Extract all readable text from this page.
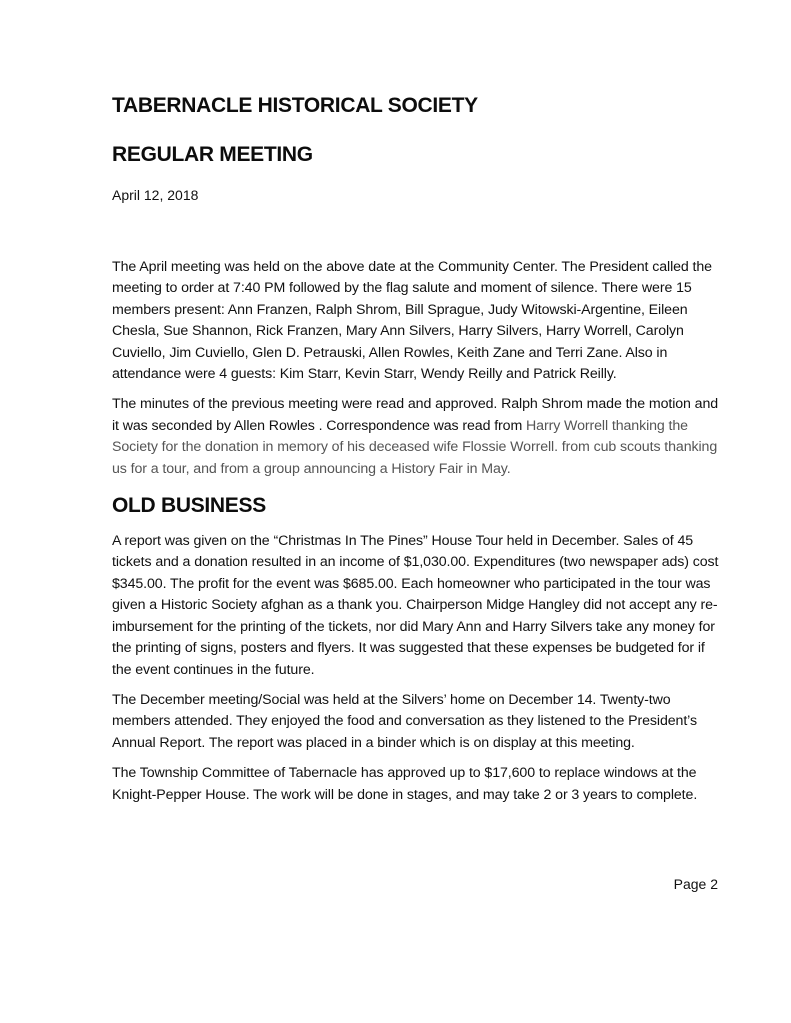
TABERNACLE HISTORICAL SOCIETY
REGULAR MEETING
April 12, 2018

The April meeting was held on the above date at the Community Center. The President called the meeting to order at 7:40 PM followed by the flag salute and moment of silence. There were 15 members present: Ann Franzen, Ralph Shrom, Bill Sprague, Judy Witowski-Argentine, Eileen Chesla, Sue Shannon, Rick Franzen, Mary Ann Silvers, Harry Silvers, Harry Worrell, Carolyn Cuviello, Jim Cuviello, Glen D. Petrauski, Allen Rowles, Keith Zane and Terri Zane. Also in attendance were 4 guests: Kim Starr, Kevin Starr, Wendy Reilly and Patrick Reilly.

The minutes of the previous meeting were read and approved. Ralph Shrom made the motion and it was seconded by Allen Rowles . Correspondence was read from Harry Worrell thanking the Society for the donation in memory of his deceased wife Flossie Worrell. from cub scouts thanking us for a tour, and from a group announcing a History Fair in May.

OLD BUSINESS

A report was given on the “Christmas In The Pines” House Tour held in December. Sales of 45 tickets and a donation resulted in an income of $1,030.00. Expenditures (two newspaper ads) cost $345.00. The profit for the event was $685.00. Each homeowner who participated in the tour was given a Historic Society afghan as a thank you. Chairperson Midge Hangley did not accept any re-imbursement for the printing of the tickets, nor did Mary Ann and Harry Silvers take any money for the printing of signs, posters and flyers. It was suggested that these expenses be budgeted for if the event continues in the future.

The December meeting/Social was held at the Silvers’ home on December 14. Twenty-two members attended. They enjoyed the food and conversation as they listened to the President’s Annual Report. The report was placed in a binder which is on display at this meeting.

The Township Committee of Tabernacle has approved up to $17,600 to replace windows at the Knight-Pepper House. The work will be done in stages, and may take 2 or 3 years to complete.

Page 2
